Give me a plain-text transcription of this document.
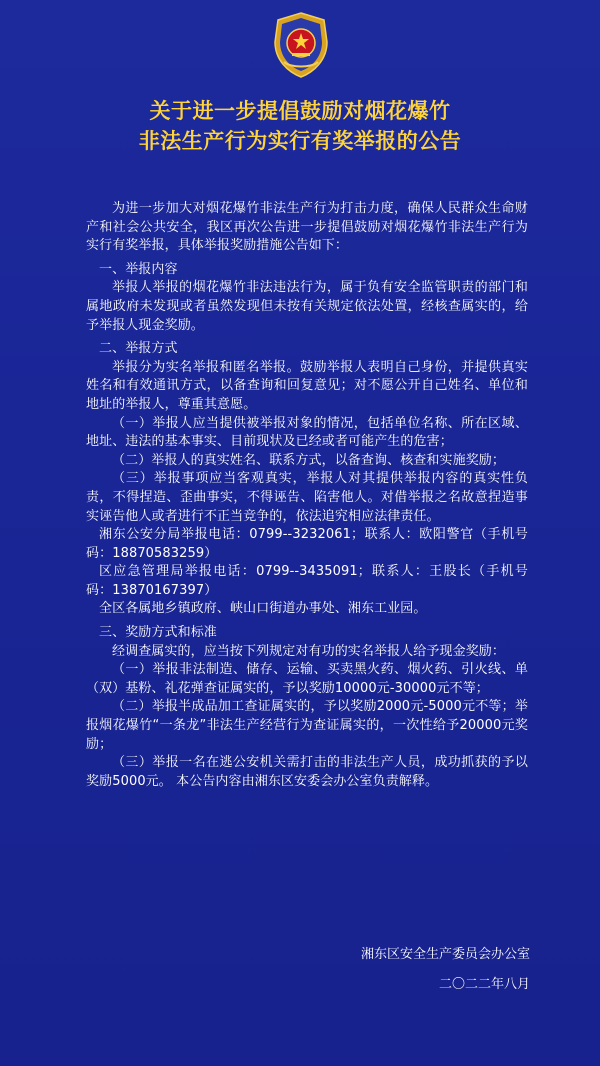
关于进一步提倡鼓励对烟花爆竹
非法生产行为实行有奖举报的公告

为进一步加大对烟花爆竹非法生产行为打击力度，确保人民群众生命财产和社会公共安全，我区再次公告进一步提倡鼓励对烟花爆竹非法生产行为实行有奖举报，具体举报奖励措施公告如下：

一、举报内容

举报人举报的烟花爆竹非法违法行为，属于负有安全监管职责的部门和属地政府未发现或者虽然发现但未按有关规定依法处置，经核查属实的，给予举报人现金奖励。

二、举报方式

举报分为实名举报和匿名举报。鼓励举报人表明自己身份，并提供真实姓名和有效通讯方式，以备查询和回复意见；对不愿公开自己姓名、单位和地址的举报人，尊重其意愿。

（一）举报人应当提供被举报对象的情况，包括单位名称、所在区域、地址、违法的基本事实、目前现状及已经或者可能产生的危害；

（二）举报人的真实姓名、联系方式，以备查询、核查和实施奖励；

（三）举报事项应当客观真实，举报人对其提供举报内容的真实性负责，不得捏造、歪曲事实，不得诬告、陷害他人。对借举报之名故意捏造事实诬告他人或者进行不正当竞争的，依法追究相应法律责任。

湘东公安分局举报电话：0799--3232061；联系人：欧阳警官（手机号码：18870583259）

区应急管理局举报电话：0799--3435091；联系人：王股长（手机号码：13870167397）

全区各属地乡镇政府、峡山口街道办事处、湘东工业园。

三、奖励方式和标准

经调查属实的，应当按下列规定对有功的实名举报人给予现金奖励：

（一）举报非法制造、储存、运输、买卖黑火药、烟火药、引火线、单（双）基粉、礼花弹查证属实的，予以奖励10000元-30000元不等；

（二）举报半成品加工查证属实的，予以奖励2000元-5000元不等；举报烟花爆竹“一条龙”非法生产经营行为查证属实的，一次性给予20000元奖励；

（三）举报一名在逃公安机关需打击的非法生产人员，成功抓获的予以奖励5000元。 本公告内容由湘东区安委会办公室负责解释。

湘东区安全生产委员会办公室
二〇二二年八月
